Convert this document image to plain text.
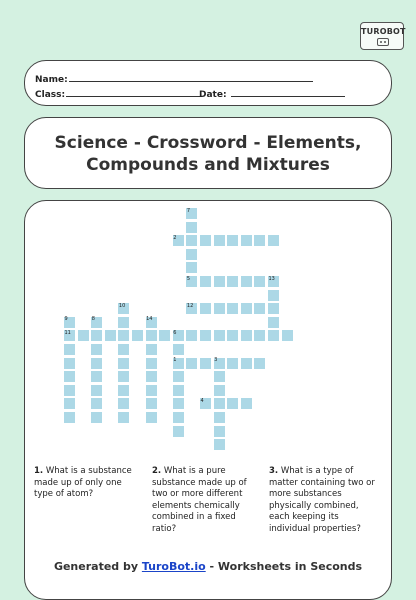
TUROBOT
Name:
Class:	Date:
Science - Crossword - Elements, Compounds and Mixtures
7
2
5	13
12
10
9	8	14
11	6
1	3
4
1. What is a substance made up of only one type of atom?
2. What is a pure substance made up of two or more different elements chemically combined in a fixed ratio?
3. What is a type of matter containing two or more substances physically combined, each keeping its individual properties?
Generated by TurоBot.io - Worksheets in Seconds
